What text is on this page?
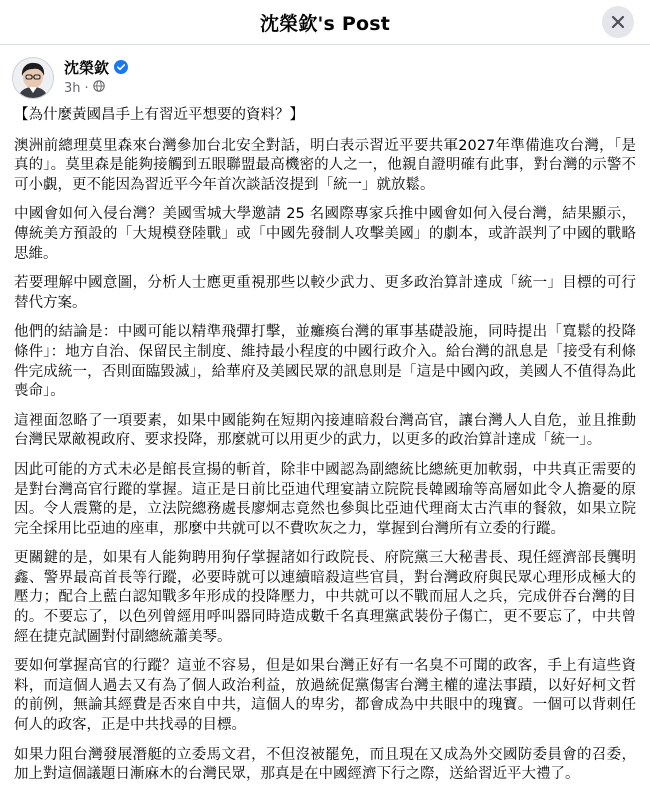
沈榮欽's Post
沈榮欽
3h ·

【為什麼黃國昌手上有習近平想要的資料？】

澳洲前總理莫里森來台灣參加台北安全對話，明白表示習近平要共軍2027年準備進攻台灣，「是真的」。莫里森是能夠接觸到五眼聯盟最高機密的人之一，他親自證明確有此事，對台灣的示警不可小覷，更不能因為習近平今年首次談話沒提到「統一」就放鬆。

中國會如何入侵台灣？美國雪城大學邀請 25 名國際專家兵推中國會如何入侵台灣，結果顯示，傳統美方預設的「大規模登陸戰」或「中國先發制人攻擊美國」的劇本，或許誤判了中國的戰略思維。

若要理解中國意圖，分析人士應更重視那些以較少武力、更多政治算計達成「統一」目標的可行替代方案。

他們的結論是：中國可能以精準飛彈打擊，並癱瘓台灣的軍事基礎設施，同時提出「寬鬆的投降條件」：地方自治、保留民主制度、維持最小程度的中國行政介入。給台灣的訊息是「接受有利條件完成統一，否則面臨毀滅」，給華府及美國民眾的訊息則是「這是中國內政，美國人不值得為此喪命」。

這裡面忽略了一項要素，如果中國能夠在短期內接連暗殺台灣高官，讓台灣人人自危，並且推動台灣民眾敵視政府、要求投降，那麼就可以用更少的武力，以更多的政治算計達成「統一」。

因此可能的方式未必是館長宣揚的斬首，除非中國認為副總統比總統更加軟弱，中共真正需要的是對台灣高官行蹤的掌握。這正是日前比亞迪代理宴請立院院長韓國瑜等高層如此令人擔憂的原因。令人震驚的是，立法院總務處長廖炯志竟然也參與比亞迪代理商太古汽車的餐敘，如果立院完全採用比亞迪的座車，那麼中共就可以不費吹灰之力，掌握到台灣所有立委的行蹤。

更關鍵的是，如果有人能夠聘用狗仔掌握諸如行政院長、府院黨三大秘書長、現任經濟部長龔明鑫、警界最高首長等行蹤，必要時就可以連續暗殺這些官員，對台灣政府與民眾心理形成極大的壓力；配合上藍白認知戰多年形成的投降壓力，中共就可以不戰而屈人之兵，完成併吞台灣的目的。不要忘了，以色列曾經用呼叫器同時造成數千名真理黨武裝份子傷亡，更不要忘了，中共曾經在捷克試圖對付副總統蕭美琴。

要如何掌握高官的行蹤？這並不容易，但是如果台灣正好有一名臭不可聞的政客，手上有這些資料，而這個人過去又有為了個人政治利益，放過統促黨傷害台灣主權的違法事蹟，以好好柯文哲的前例，無論其經費是否來自中共，這個人的卑劣，都會成為中共眼中的瑰寶。一個可以背刺任何人的政客，正是中共找尋的目標。

如果力阻台灣發展潛艇的立委馬文君，不但沒被罷免，而且現在又成為外交國防委員會的召委，加上對這個議題日漸麻木的台灣民眾，那真是在中國經濟下行之際，送給習近平大禮了。
